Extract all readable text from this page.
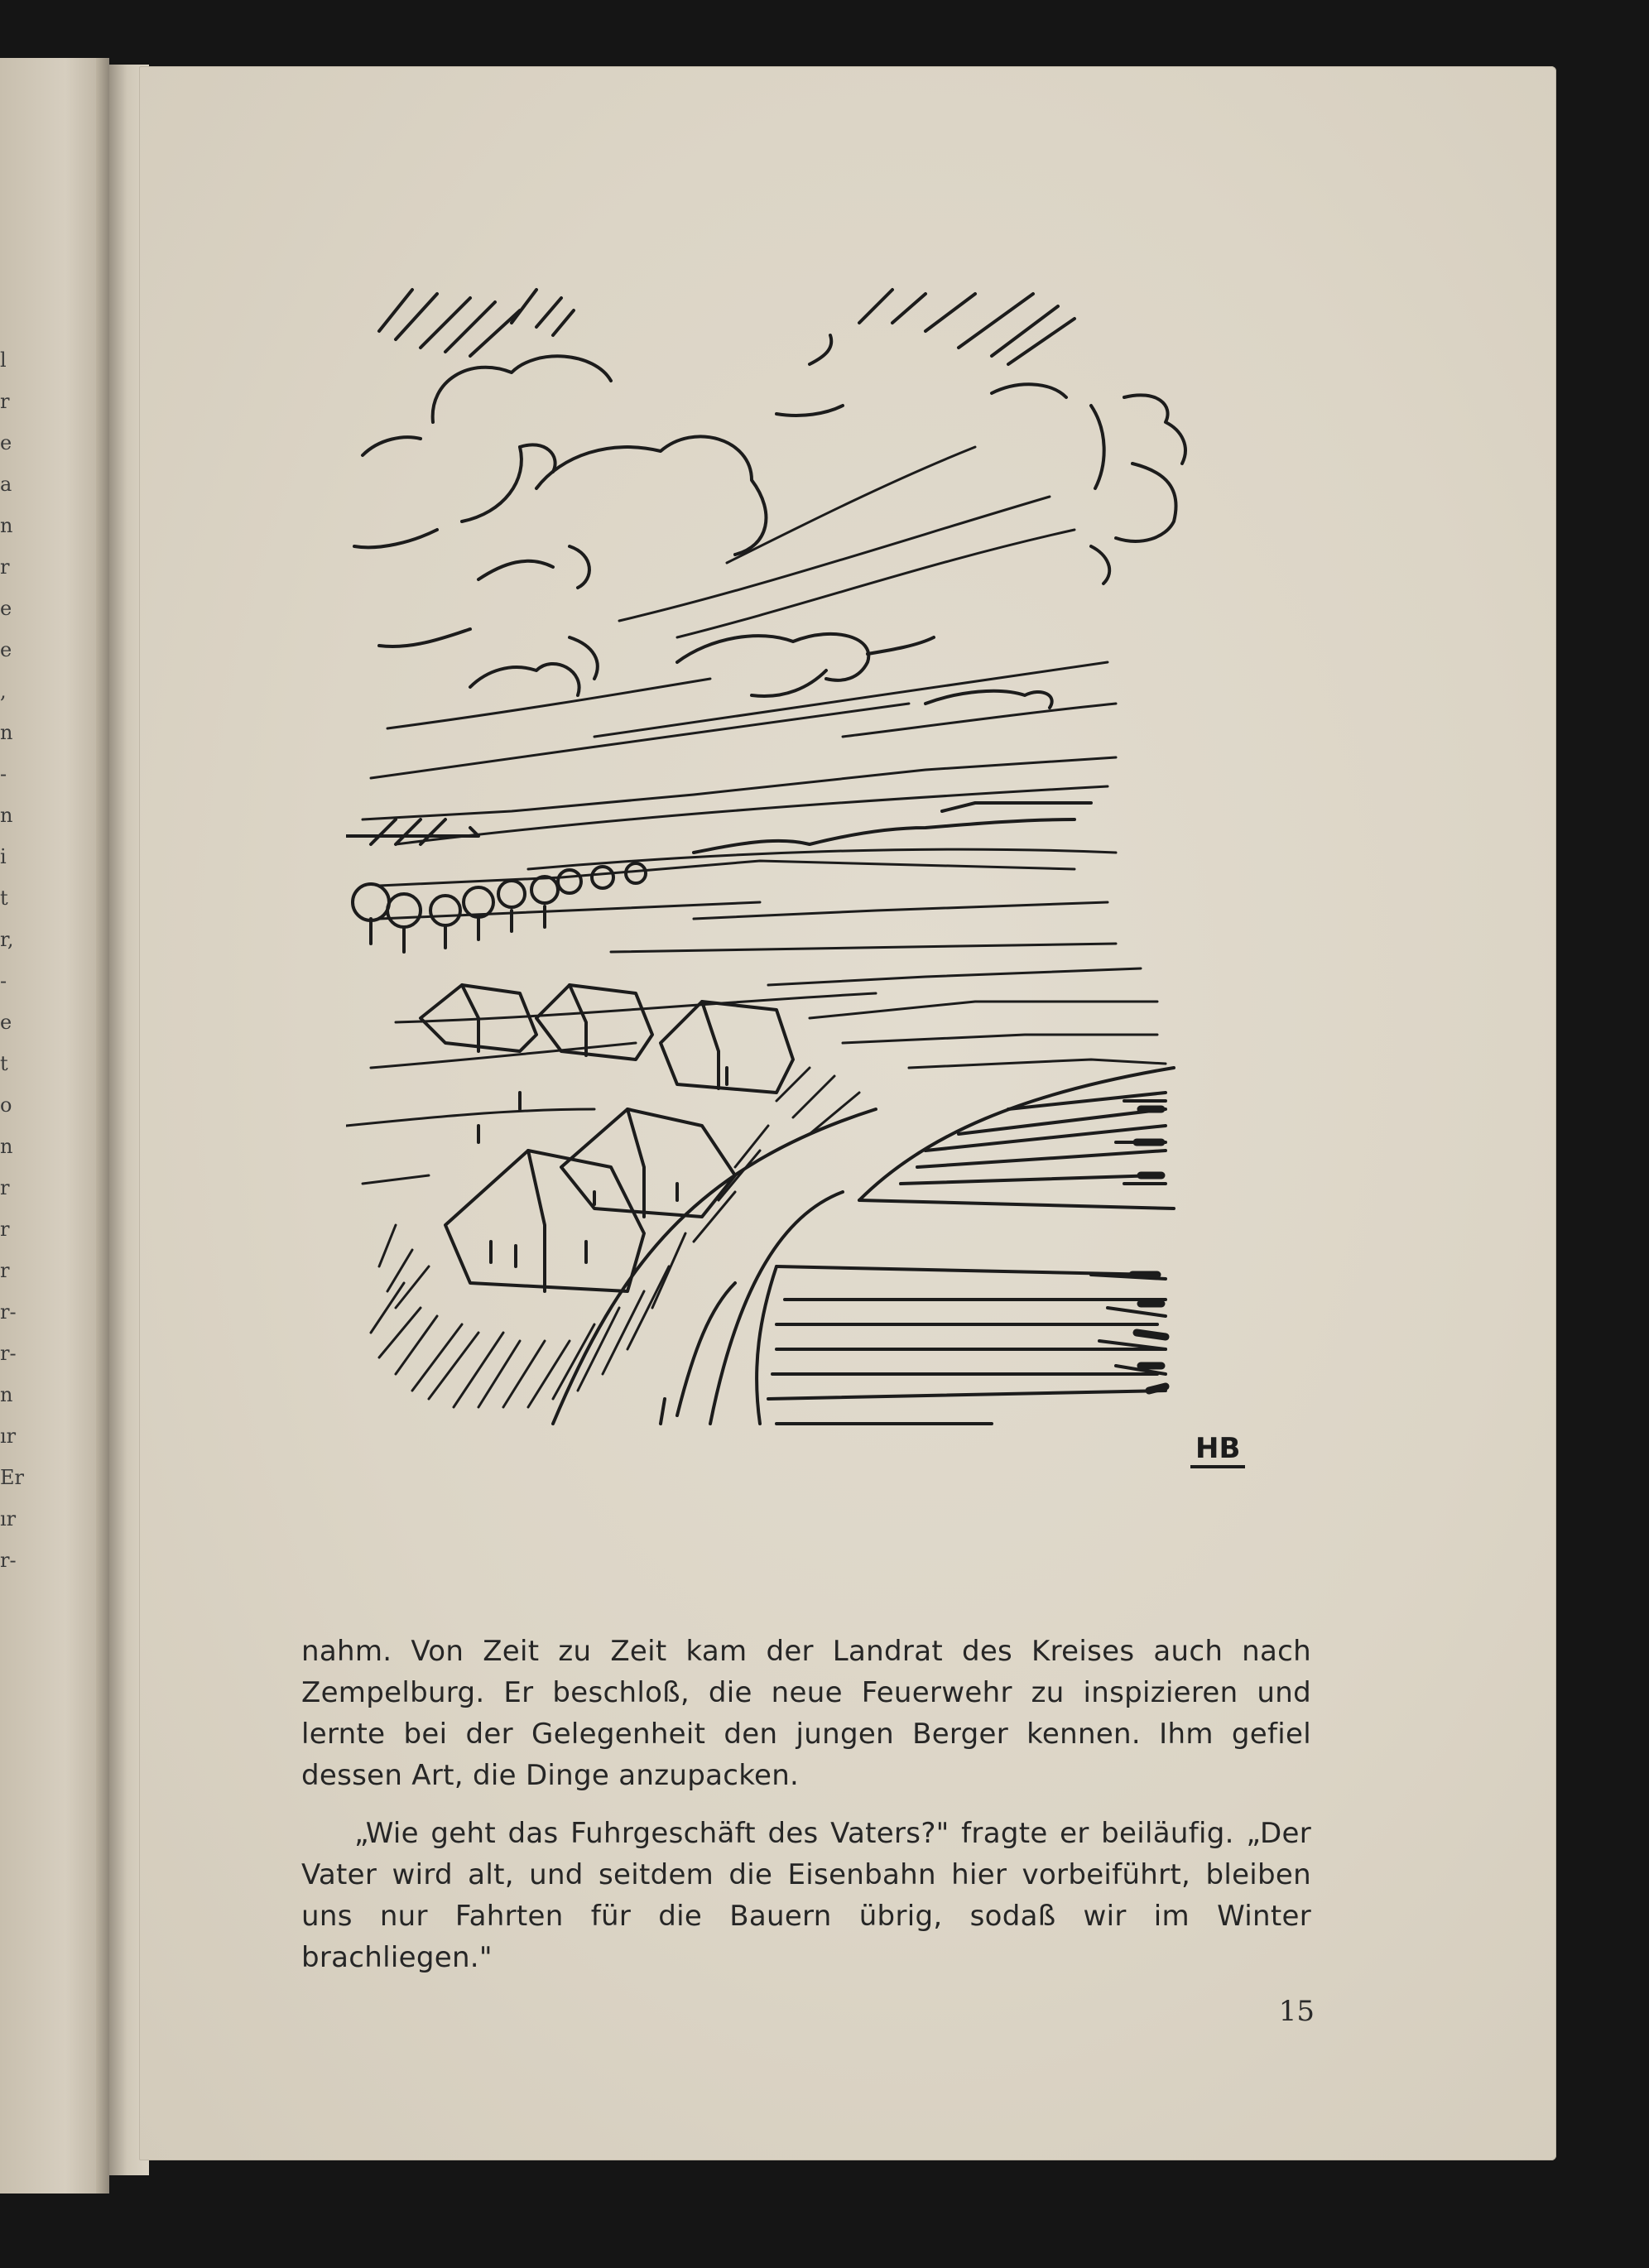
l
r
e
a
n
r
e
e
,
n
-
n
i
t
r,
-
e
t
o
n
r
r
r
r-
r-
n
ır
Er
ır
r-
HB

nahm. Von Zeit zu Zeit kam der Landrat des Kreises auch nach Zempelburg. Er beschloß, die neue Feuerwehr zu inspizieren und lernte bei der Gelegenheit den jungen Berger kennen. Ihm gefiel dessen Art, die Dinge anzupacken.

„Wie geht das Fuhrgeschäft des Vaters?" fragte er beiläufig. „Der Vater wird alt, und seitdem die Eisenbahn hier vorbeiführt, bleiben uns nur Fahrten für die Bauern übrig, sodaß wir im Winter brachliegen."

15
